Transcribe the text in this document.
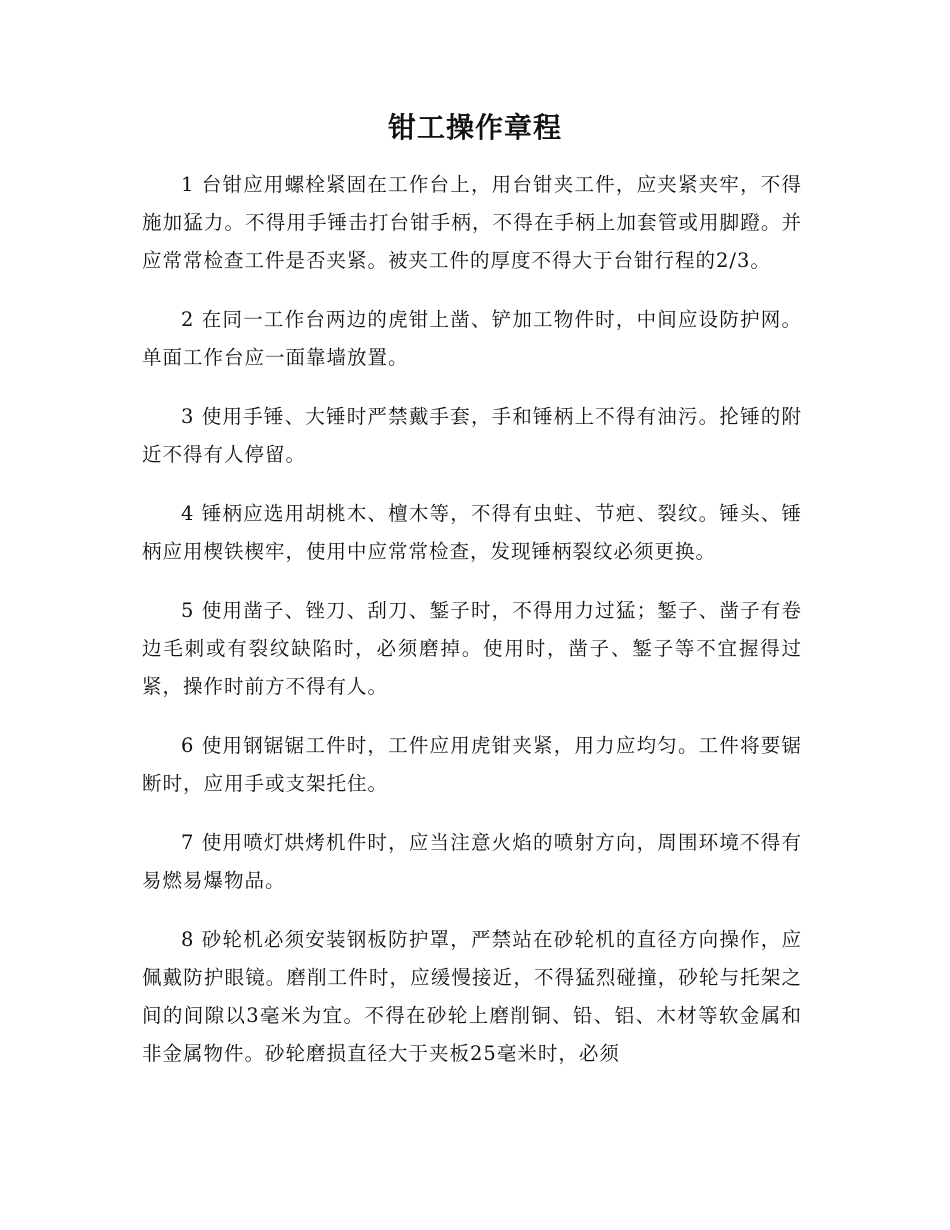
钳工操作章程

1 台钳应用螺栓紧固在工作台上，用台钳夹工件，应夹紧夹牢，不得施加猛力。不得用手锤击打台钳手柄，不得在手柄上加套管或用脚蹬。并应常常检查工件是否夹紧。被夹工件的厚度不得大于台钳行程的2/3。

2 在同一工作台两边的虎钳上凿、铲加工物件时，中间应设防护网。单面工作台应一面靠墙放置。

3 使用手锤、大锤时严禁戴手套，手和锤柄上不得有油污。抡锤的附近不得有人停留。

4 锤柄应选用胡桃木、檀木等，不得有虫蛀、节疤、裂纹。锤头、锤柄应用楔铁楔牢，使用中应常常检查，发现锤柄裂纹必须更换。

5 使用凿子、锉刀、刮刀、錾子时，不得用力过猛；錾子、凿子有卷边毛刺或有裂纹缺陷时，必须磨掉。使用时，凿子、錾子等不宜握得过紧，操作时前方不得有人。

6 使用钢锯锯工件时，工件应用虎钳夹紧，用力应均匀。工件将要锯断时，应用手或支架托住。

7 使用喷灯烘烤机件时，应当注意火焰的喷射方向，周围环境不得有易燃易爆物品。

8 砂轮机必须安装钢板防护罩，严禁站在砂轮机的直径方向操作，应佩戴防护眼镜。磨削工件时，应缓慢接近，不得猛烈碰撞，砂轮与托架之间的间隙以3毫米为宜。不得在砂轮上磨削铜、铅、铝、木材等软金属和非金属物件。砂轮磨损直径大于夹板25毫米时，必须
